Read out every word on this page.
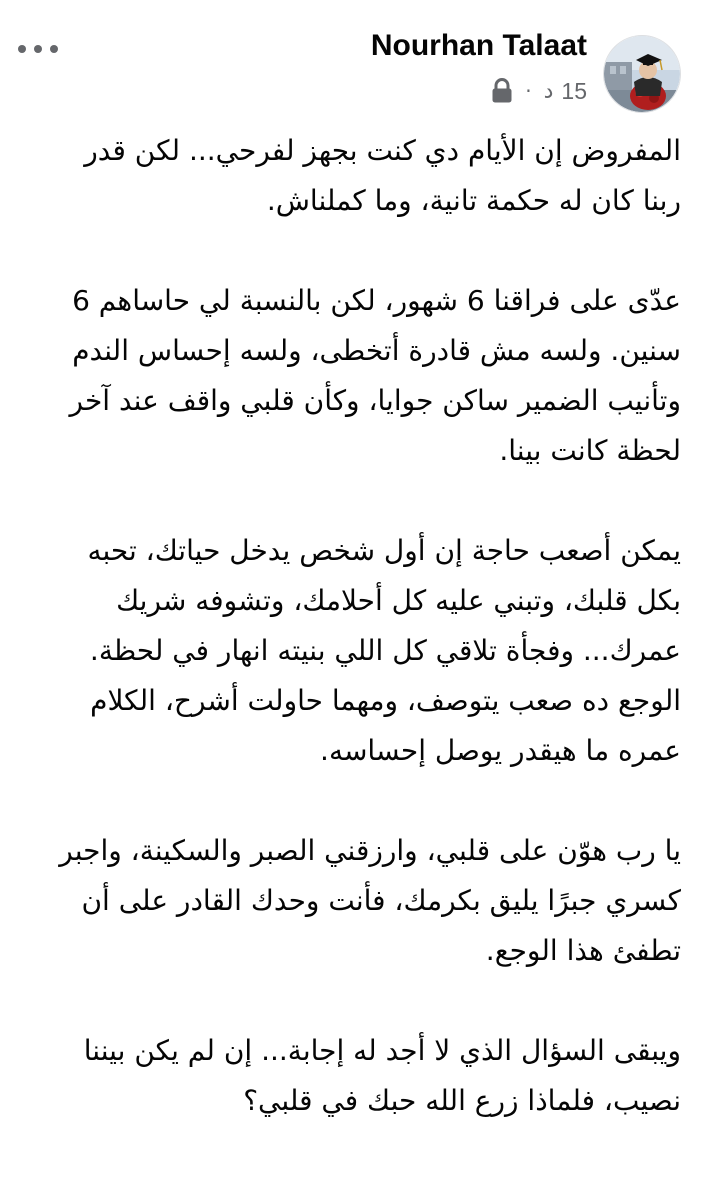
Nourhan Talaat
15
د
·

المفروض إن الأيام دي كنت بجهز لفرحي... لكن قدر ربنا كان له حكمة تانية، وما كملناش.

عدّى على فراقنا 6 شهور، لكن بالنسبة لي حاساهم 6 سنين. ولسه مش قادرة أتخطى، ولسه إحساس الندم وتأنيب الضمير ساكن جوايا، وكأن قلبي واقف عند آخر لحظة كانت بينا.

يمكن أصعب حاجة إن أول شخص يدخل حياتك، تحبه بكل قلبك، وتبني عليه كل أحلامك، وتشوفه شريك عمرك... وفجأة تلاقي كل اللي بنيته انهار في لحظة. الوجع ده صعب يتوصف، ومهما حاولت أشرح، الكلام عمره ما هيقدر يوصل إحساسه.

يا رب هوّن على قلبي، وارزقني الصبر والسكينة، واجبر كسري جبرًا يليق بكرمك، فأنت وحدك القادر على أن تطفئ هذا الوجع.

ويبقى السؤال الذي لا أجد له إجابة... إن لم يكن بيننا نصيب، فلماذا زرع الله حبك في قلبي؟
